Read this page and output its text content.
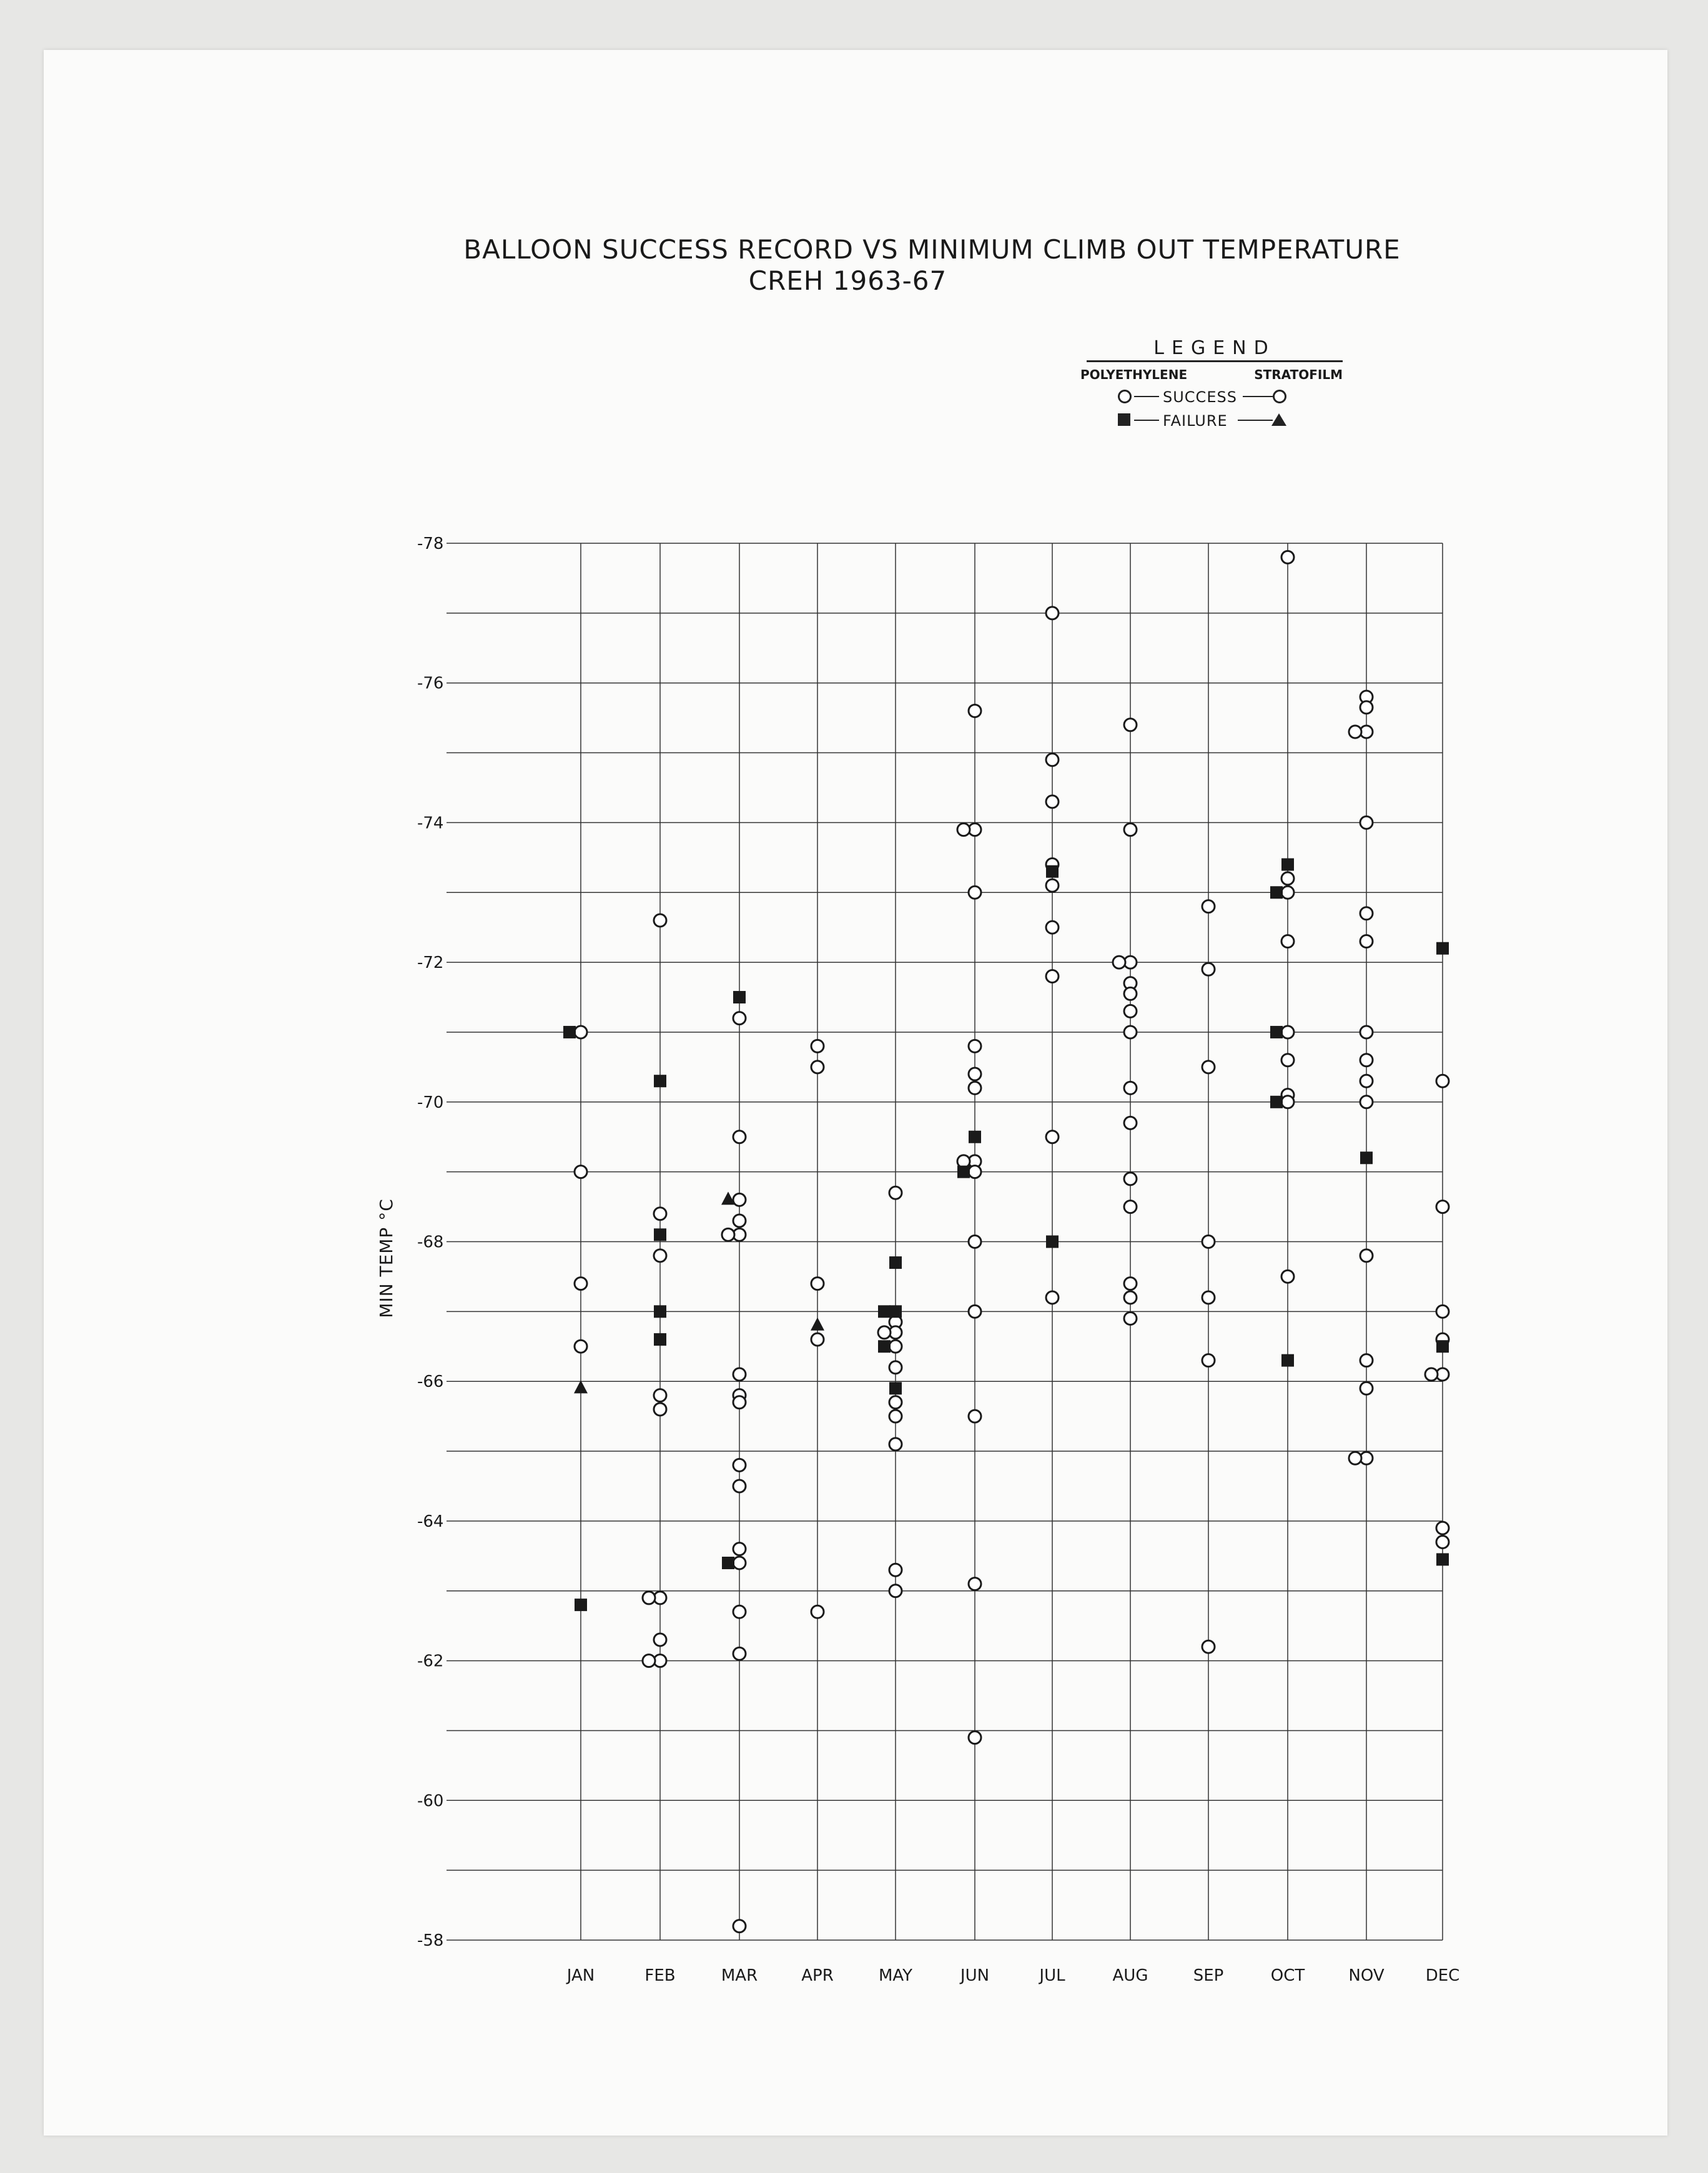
BALLOON SUCCESS RECORD VS MINIMUM CLIMB OUT TEMPERATURE
CREH 1963-67
LEGEND
POLYETHYLENE	STRATOFILM
SUCCESS
FAILURE
-78
-76
-74
-72
-70
-68
-66
-64
-62
-60
-58
JAN	FEB	MAR	APR	MAY	JUN	JUL	AUG	SEP	OCT	NOV	DEC
MIN TEMP °C
